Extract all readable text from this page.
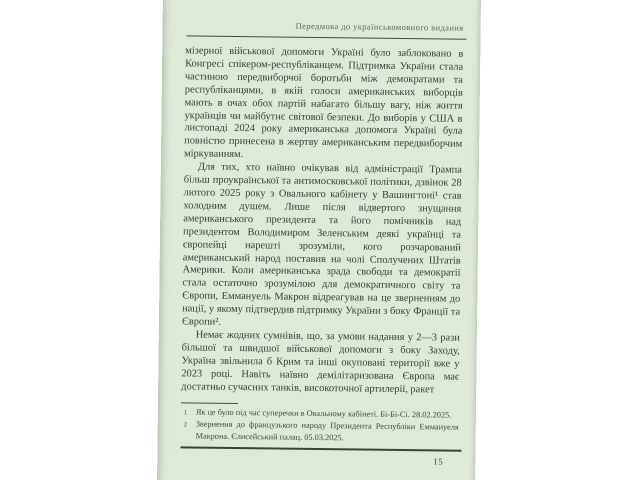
Передмова до українськомовного видання

мізерної військової допомоги Україні було заблоковано в Конгресі спікером-республіканцем. Підтримка України стала частиною передвиборчої боротьби між демократами та республіканцями, в якій голоси американських виборців мають в очах обох партій набагато більшу вагу, ніж життя українців чи майбутнє світової безпеки. До виборів у США в листопаді 2024 року американська допомога Україні була повністю принесена в жертву американським передвиборчим міркуванням.

Для тих, хто наївно очікував від адміністрації Трампа більш проукраїнської та антимосковської політики, дзвінок 28 лютого 2025 року з Овального кабінету у Вашингтоні¹ став холодним душем. Лише після відвертого знущання американського президента та його помічників над президентом Володимиром Зеленським деякі українці та європейці нарешті зрозуміли, кого розчарований американський народ поставив на чолі Сполучених Штатів Америки. Коли американська зрада свободи та демократії стала остаточно зрозумілою для демократичного світу та Європи, Еммануель Макрон відреагував на це зверненням до нації, у якому підтвердив підтримку України з боку Франції та Європи².

Немає жодних сумнівів, що, за умови надання у 2—3 рази більшої та швидшої військової допомоги з боку Заходу, Україна звільнила б Крим та інші окуповані території вже у 2023 році. Навіть наївно демілітаризована Європа має достатньо сучасних танків, високоточної артилерії, ракет

1	Як це було під час суперечки в Овальному кабінеті. Бі-Бі-Сі. 28.02.2025.
2	Звернення до французького народу Президента Республіки Еммануеля Макрона. Єлисейський палац. 05.03.2025.
15
